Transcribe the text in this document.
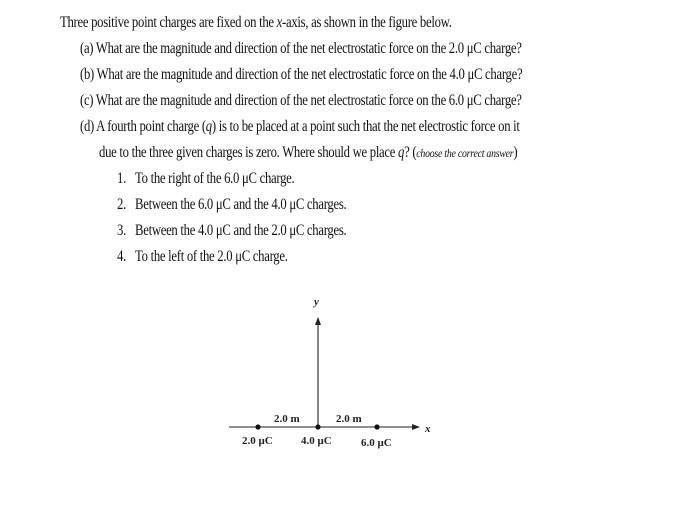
Three positive point charges are fixed on the x-axis, as shown in the figure below.
(a) What are the magnitude and direction of the net electrostatic force on the 2.0 μC charge?
(b) What are the magnitude and direction of the net electrostatic force on the 4.0 μC charge?
(c) What are the magnitude and direction of the net electrostatic force on the 6.0 μC charge?
(d) A fourth point charge (q) is to be placed at a point such that the net electrostic force on it
due to the three given charges is zero. Where should we place q? (choose the correct answer)
1. To the right of the 6.0 μC charge.
2. Between the 6.0 μC and the 4.0 μC charges.
3. Between the 4.0 μC and the 2.0 μC charges.
4. To the left of the 2.0 μC charge.
y
x
2.0 m	2.0 m
2.0 μC	4.0 μC	6.0 μC
